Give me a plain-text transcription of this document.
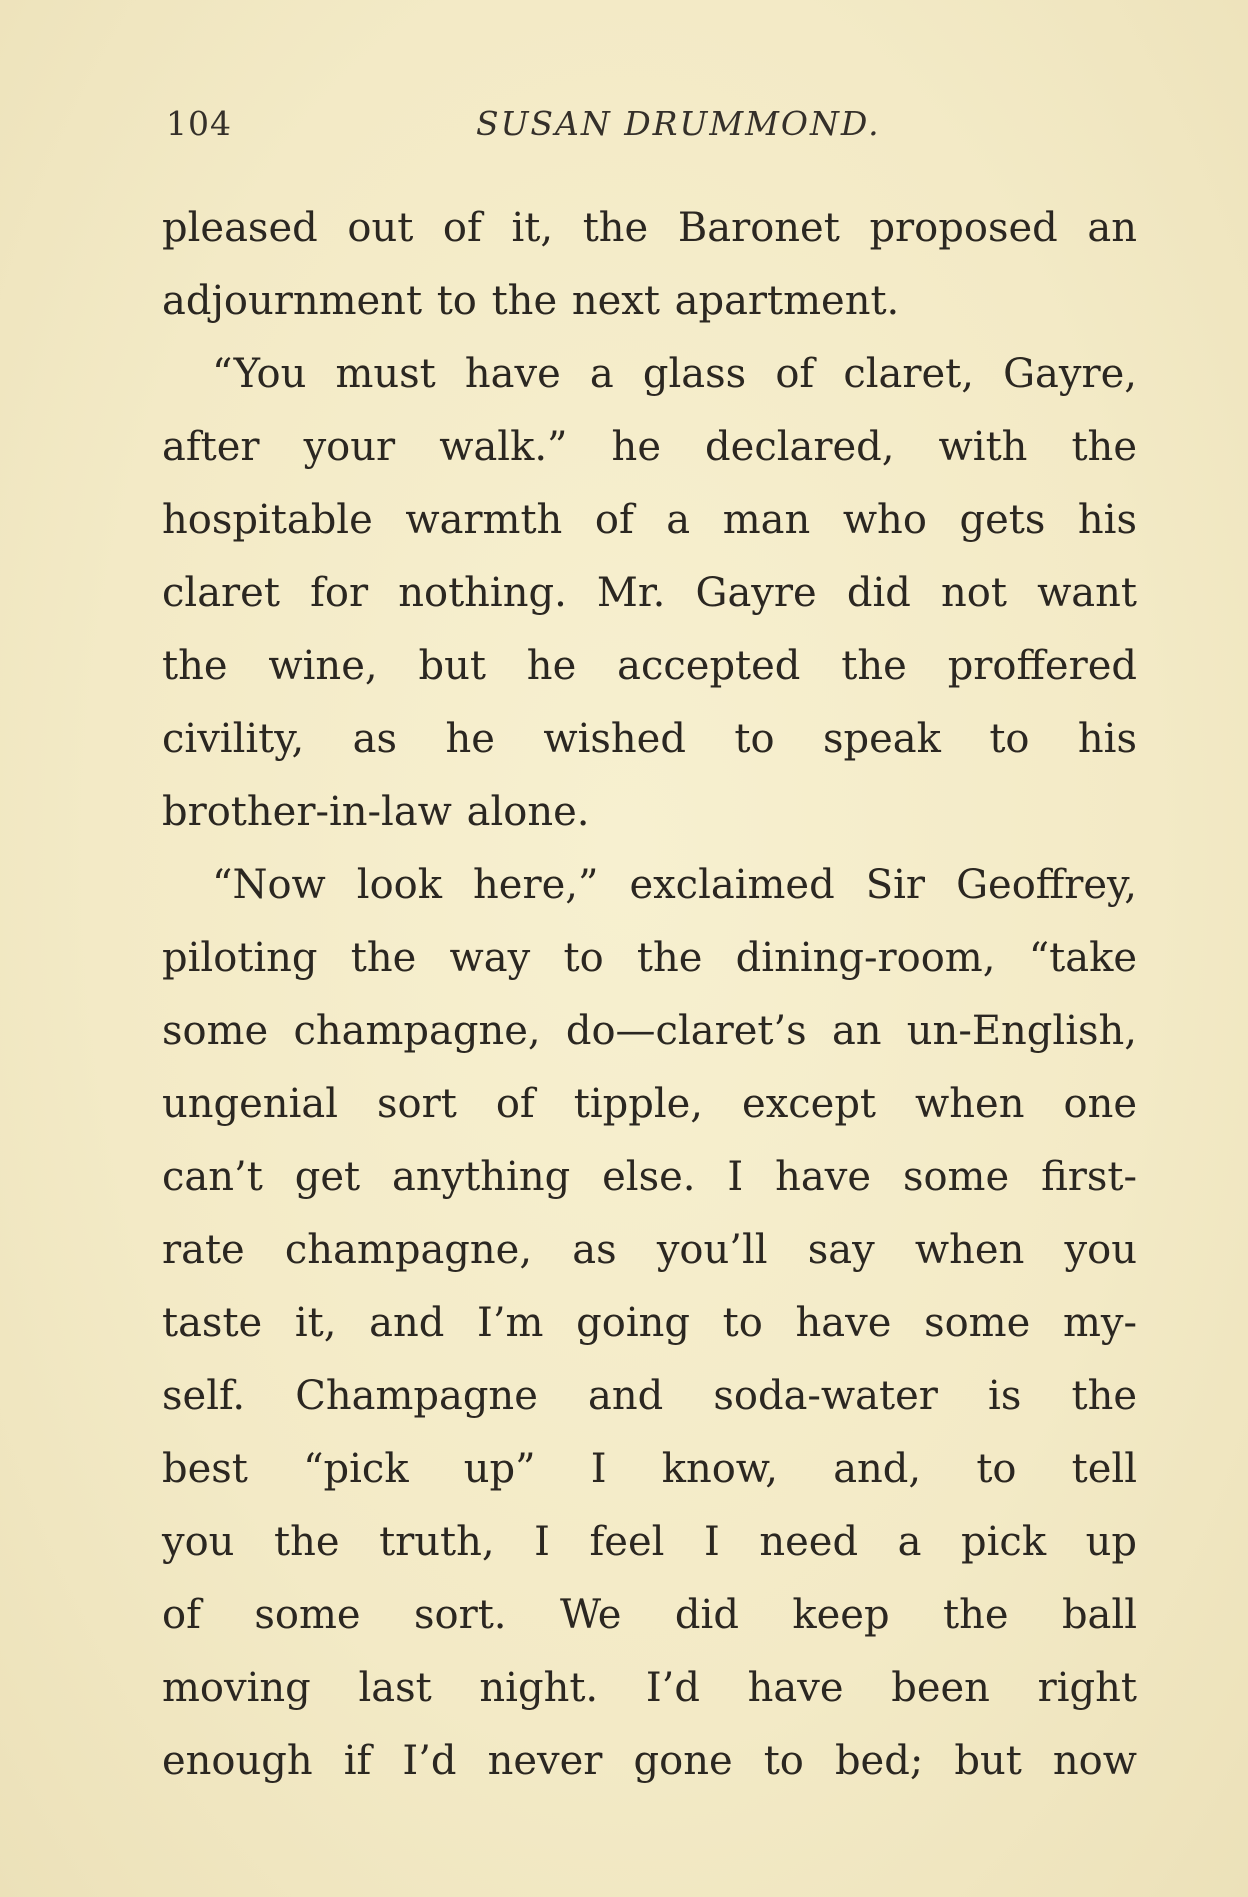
104	SUSAN DRUMMOND.
pleased out of it, the Baronet proposed an
adjournment to the next apartment.
“You must have a glass of claret, Gayre,
after your walk.” he declared, with the
hospitable warmth of a man who gets his
claret for nothing. Mr. Gayre did not want
the wine, but he accepted the proffered
civility, as he wished to speak to his
brother-in-law alone.
“Now look here,” exclaimed Sir Geoffrey,
piloting the way to the dining-room, “take
some champagne, do—claret’s an un-English,
ungenial sort of tipple, except when one
can’t get anything else. I have some first-
rate champagne, as you’ll say when you
taste it, and I’m going to have some my-
self. Champagne and soda-water is the
best “pick up” I know, and, to tell
you the truth, I feel I need a pick up
of some sort. We did keep the ball
moving last night. I’d have been right
enough if I’d never gone to bed; but now
